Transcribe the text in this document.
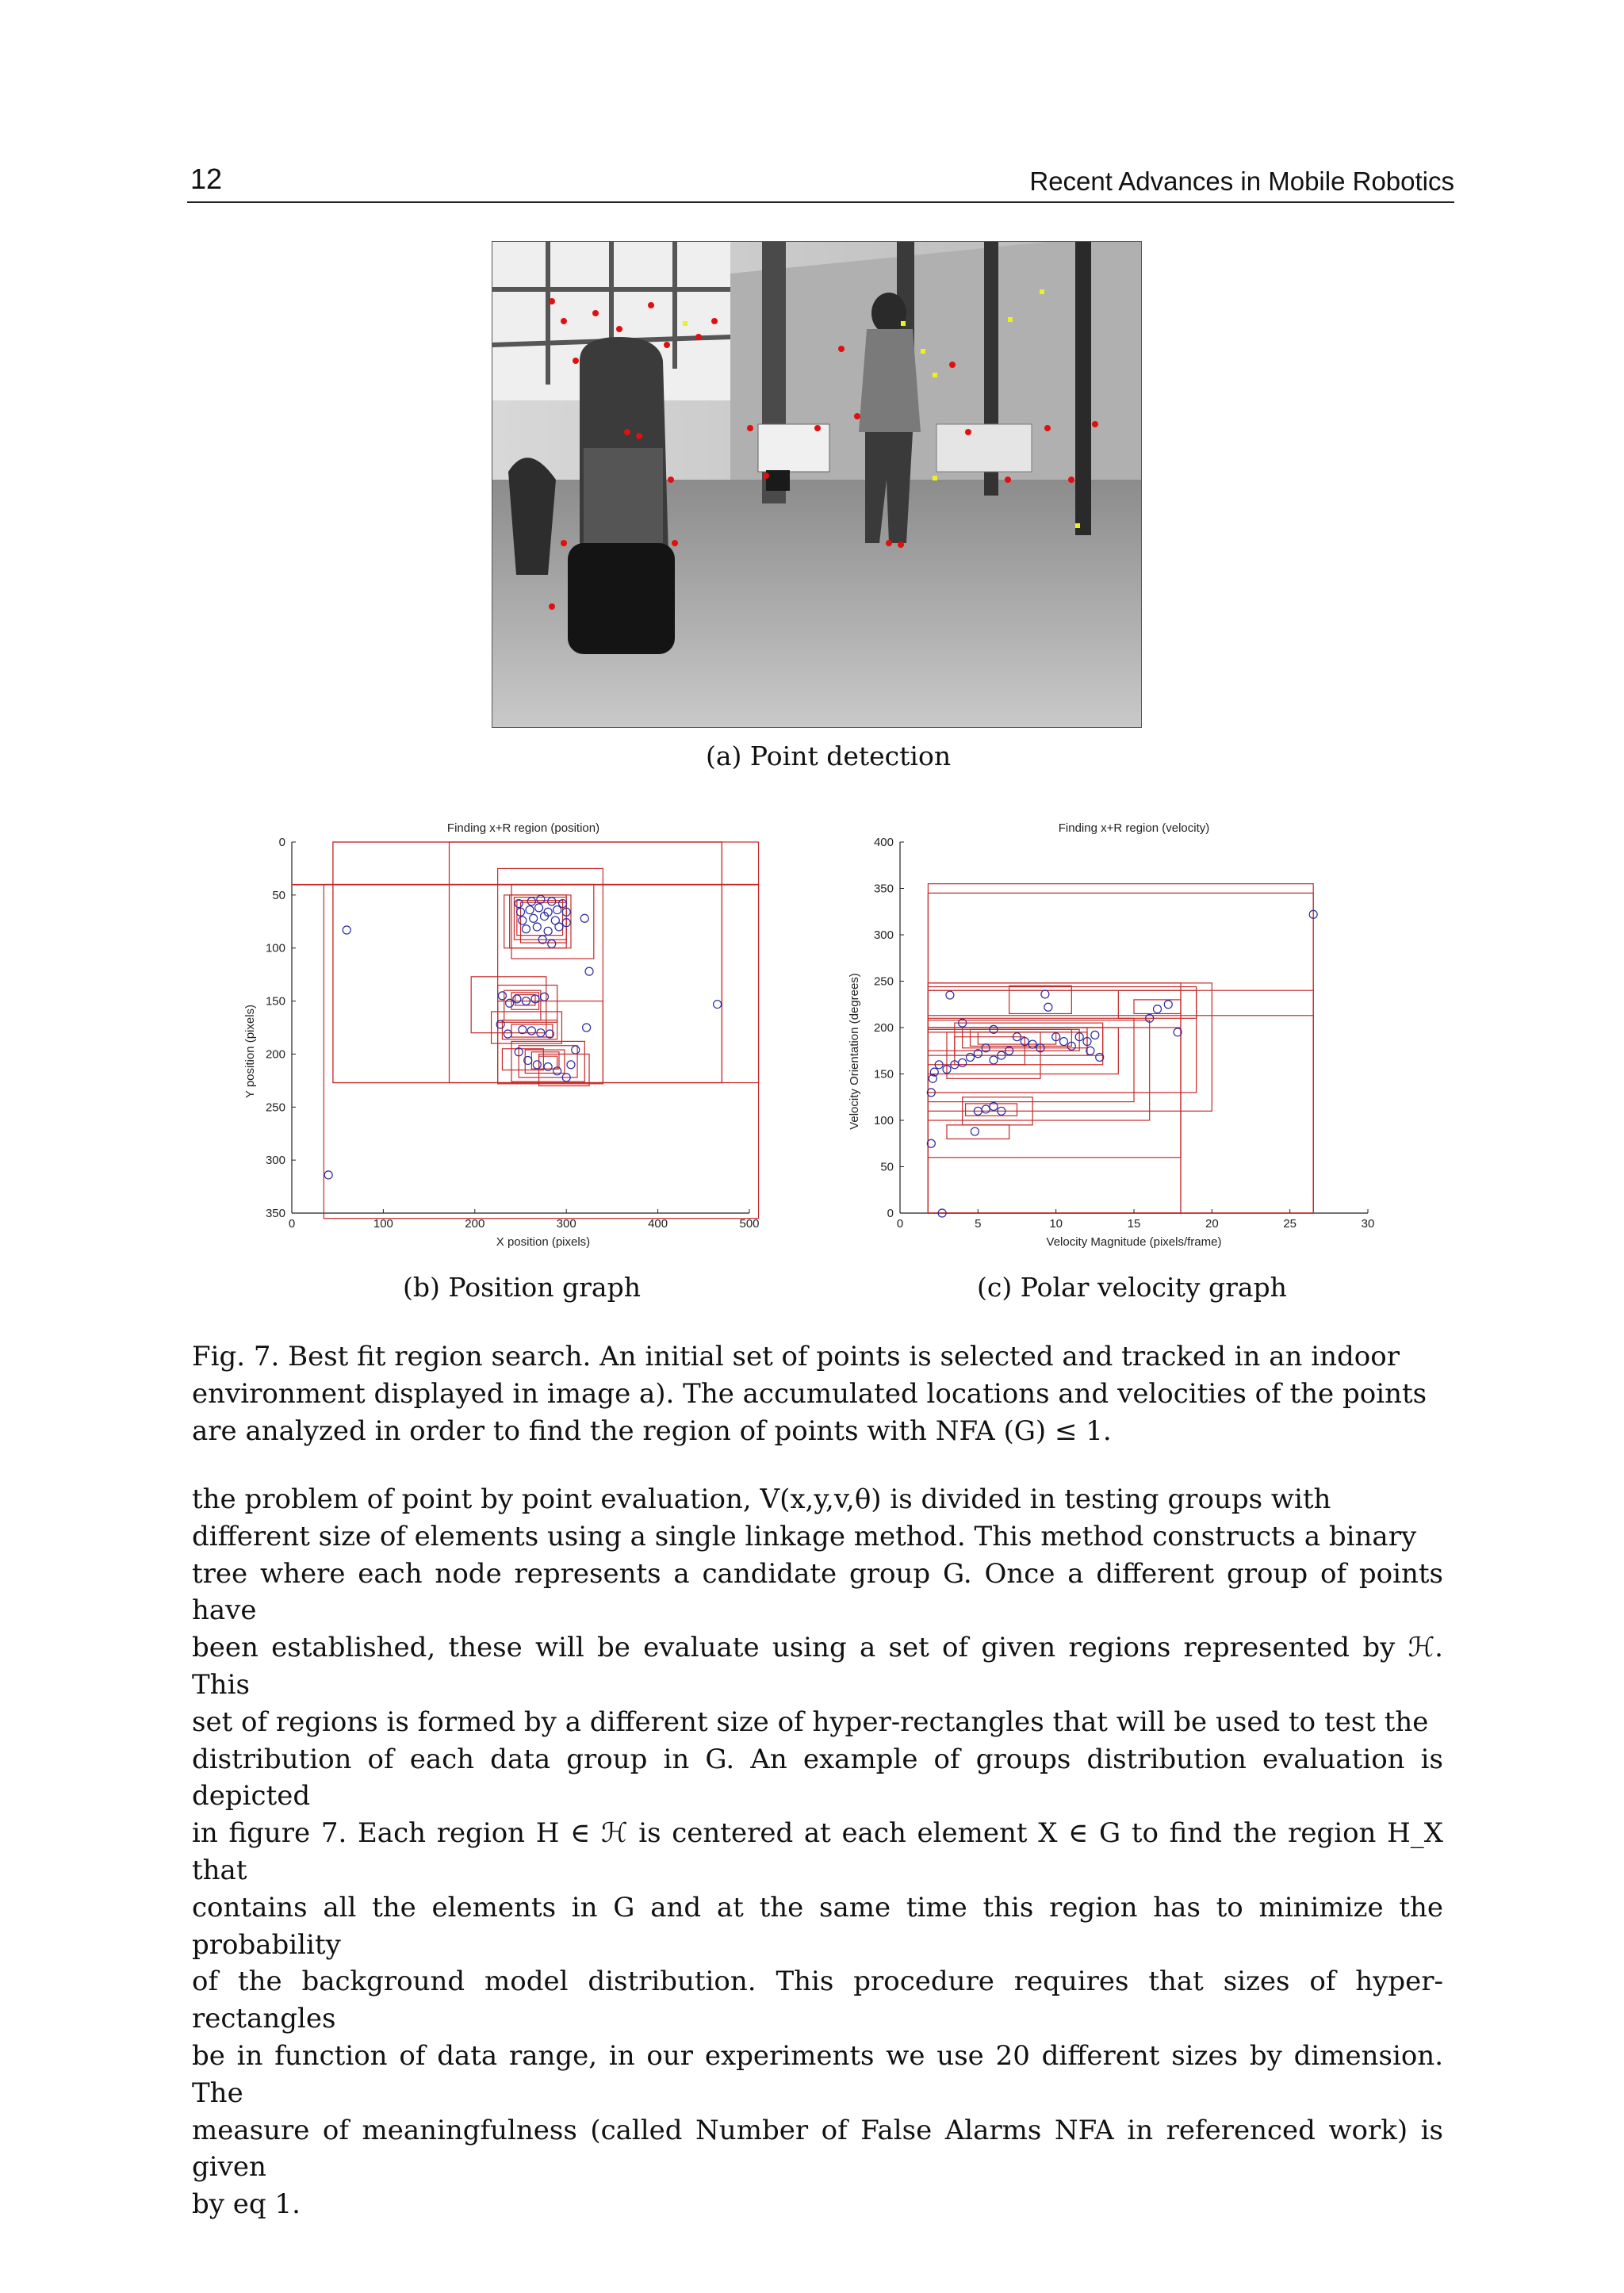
12	Recent Advances in Mobile Robotics
(a) Point detection
Finding x+R region (position)
X position (pixels)
Y position (pixels)
0	100	200	300	400	500
0
50
100
150
200
250
300
350
Finding x+R region (velocity)
Velocity Magnitude (pixels/frame)
Velocity Orientation (degrees)
0	5	10	15	20	25	30
0
50
100
150
200
250
300
350
400
(b) Position graph	(c) Polar velocity graph

Fig. 7. Best fit region search. An initial set of points is selected and tracked in an indoor

environment displayed in image a). The accumulated locations and velocities of the points

are analyzed in order to find the region of points with NFA (G) ≤ 1.

the problem of point by point evaluation, V(x,y,v,θ) is divided in testing groups with

different size of elements using a single linkage method. This method constructs a binary

tree where each node represents a candidate group G. Once a different group of points have

been established, these will be evaluate using a set of given regions represented by ℋ. This

set of regions is formed by a different size of hyper-rectangles that will be used to test the

distribution of each data group in G. An example of groups distribution evaluation is depicted

in figure 7. Each region H ∈ ℋ is centered at each element X ∈ G to find the region H_X that

contains all the elements in G and at the same time this region has to minimize the probability

of the background model distribution. This procedure requires that sizes of hyper-rectangles

be in function of data range, in our experiments we use 20 different sizes by dimension. The

measure of meaningfulness (called Number of False Alarms NFA in referenced work) is given

by eq 1.
